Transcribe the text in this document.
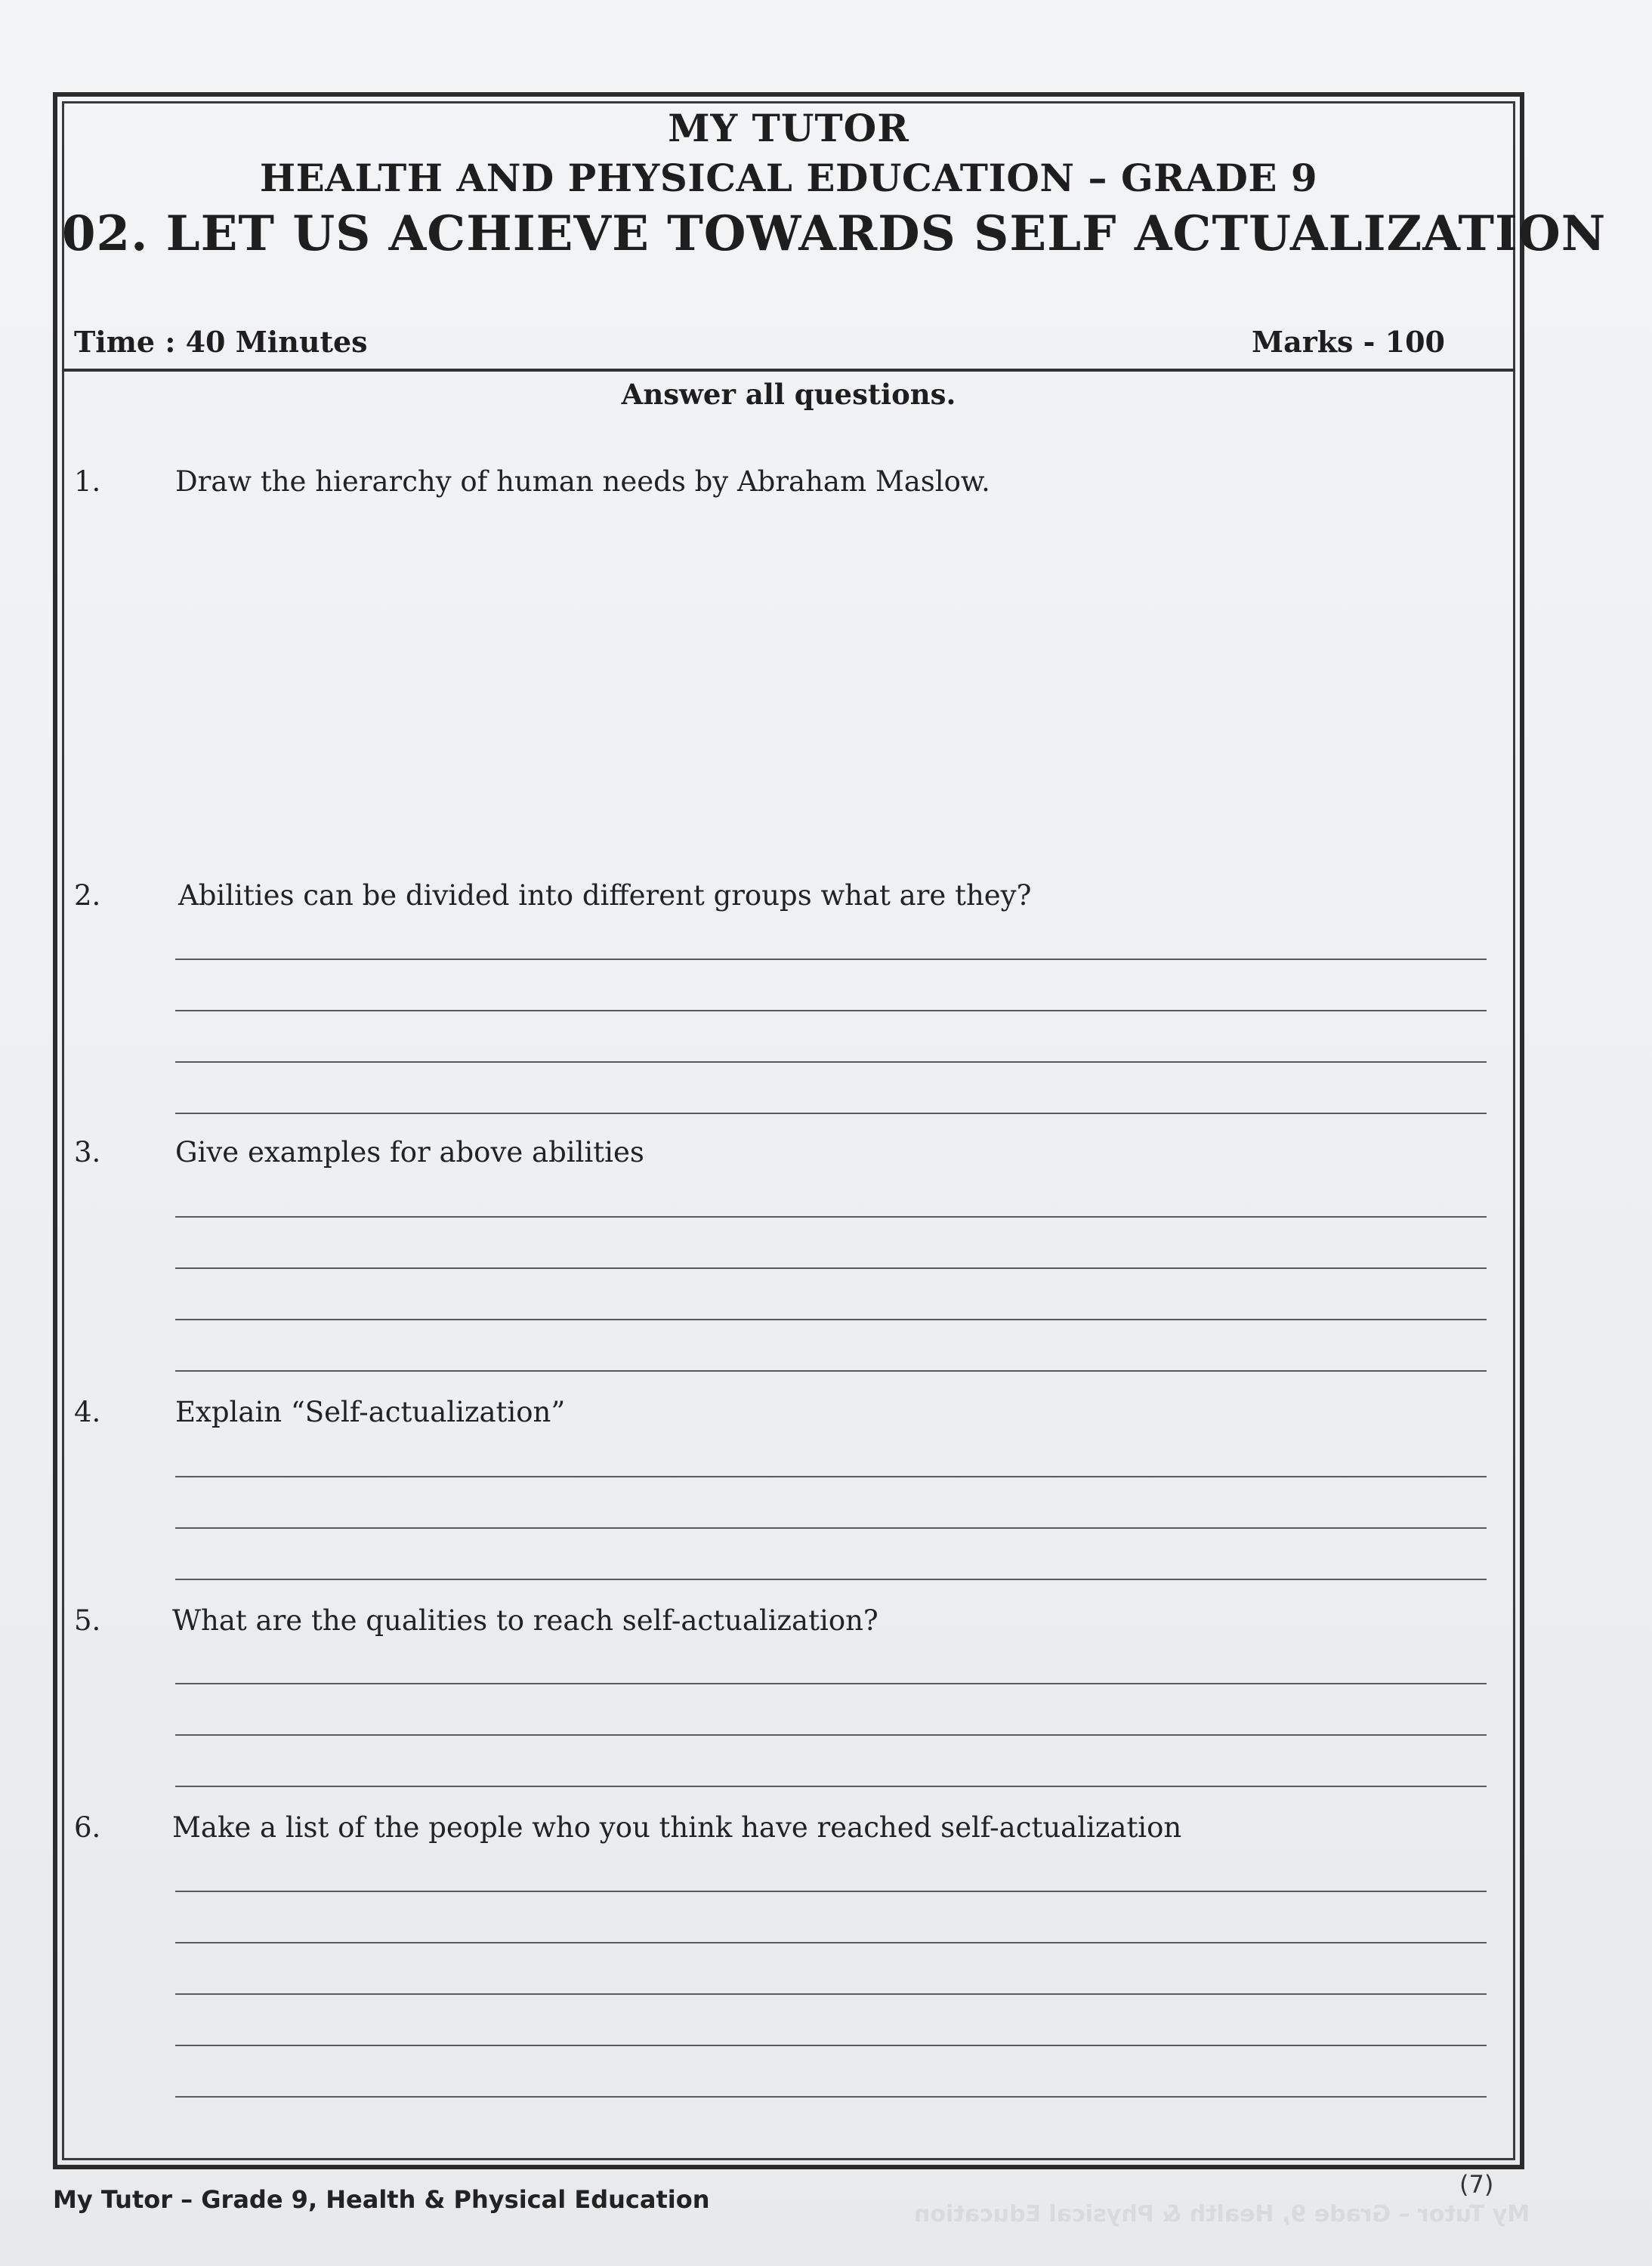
My Tutor – Grade 9, Health & Physical Education
MY TUTOR
HEALTH AND PHYSICAL EDUCATION – GRADE 9
02. LET US ACHIEVE TOWARDS SELF ACTUALIZATION
Time : 40 Minutes	Marks - 100
Answer all questions.
1.	Draw the hierarchy of human needs by Abraham Maslow.
2.	Abilities can be divided into different groups what are they?
3.	Give examples for above abilities
4.	Explain “Self-actualization”
5.	What are the qualities to reach self-actualization?
6.	Make a list of the people who you think have reached self-actualization
My Tutor – Grade 9, Health & Physical Education
(7)
